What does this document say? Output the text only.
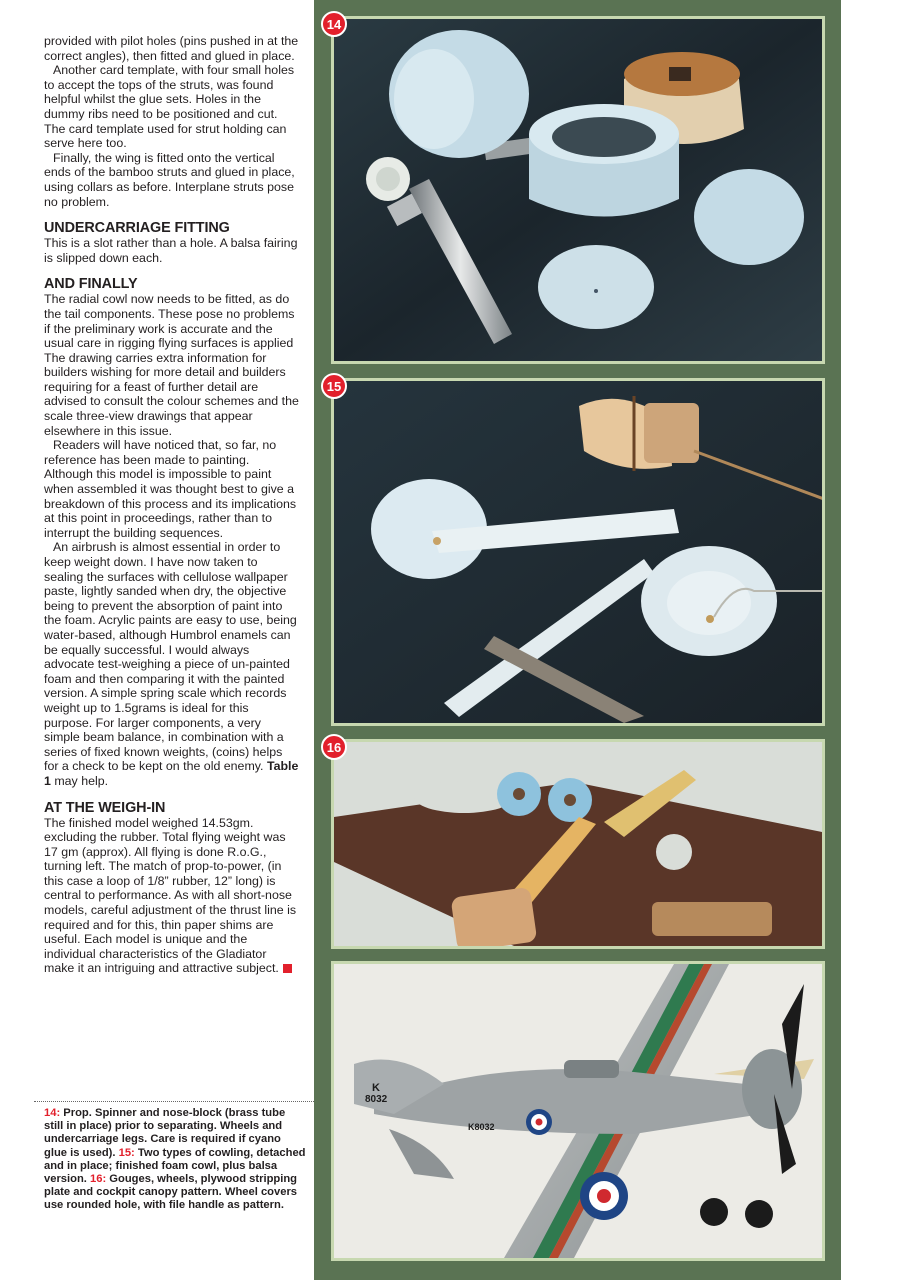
provided with pilot holes (pins pushed in at the correct angles), then fitted and glued in place.

Another card template, with four small holes to accept the tops of the struts, was found helpful whilst the glue sets. Holes in the dummy ribs need to be positioned and cut. The card template used for strut holding can serve here too.

Finally, the wing is fitted onto the vertical ends of the bamboo struts and glued in place, using collars as before. Interplane struts pose no problem.

UNDERCARRIAGE FITTING

This is a slot rather than a hole. A balsa fairing is slipped down each.

AND FINALLY

The radial cowl now needs to be fitted, as do the tail components. These pose no problems if the preliminary work is accurate and the usual care in rigging flying surfaces is applied The drawing carries extra information for builders wishing for more detail and builders requiring for a feast of further detail are advised to consult the colour schemes and the scale three-view drawings that appear elsewhere in this issue.

Readers will have noticed that, so far, no reference has been made to painting. Although this model is impossible to paint when assembled it was thought best to give a breakdown of this process and its implications at this point in proceedings, rather than to interrupt the building sequences.

An airbrush is almost essential in order to keep weight down. I have now taken to sealing the surfaces with cellulose wallpaper paste, lightly sanded when dry, the objective being to prevent the absorption of paint into the foam. Acrylic paints are easy to use, being water-based, although Humbrol enamels can be equally successful. I would always advocate test-weighing a piece of un-painted foam and then comparing it with the painted version. A simple spring scale which records weight up to 1.5grams is ideal for this purpose. For larger components, a very simple beam balance, in combination with a series of fixed known weights, (coins) helps for a check to be kept on the old enemy. Table 1 may help.

AT THE WEIGH-IN

The finished model weighed 14.53gm. excluding the rubber. Total flying weight was 17 gm (approx). All flying is done R.o.G., turning left. The match of prop-to-power, (in this case a loop of 1/8” rubber, 12” long) is central to performance. As with all short-nose models, careful adjustment of the thrust line is required and for this, thin paper shims are useful. Each model is unique and the individual characteristics of the Gladiator make it an intriguing and attractive subject.

14: Prop. Spinner and nose-block (brass tube still in place) prior to separating. Wheels and undercarriage legs. Care is required if cyano glue is used). 15: Two types of cowling, detached and in place; finished foam cowl, plus balsa version. 16: Gouges, wheels, plywood stripping plate and cockpit canopy pattern. Wheel covers use rounded hole, with file handle as pattern.
14
15
16
K
8032
K8032
